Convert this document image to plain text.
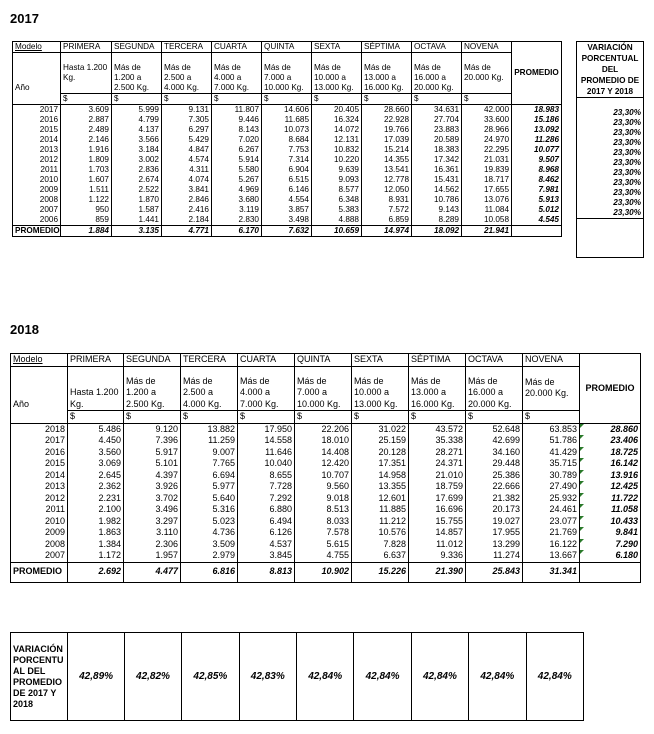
2017
Modelo	PRIMERA	SEGUNDA	TERCERA	CUARTA	QUINTA	SEXTA	SÉPTIMA	OCTAVA	NOVENA	PROMEDIO
Año	Hasta 1.200 Kg.	Más de 1.200 a 2.500 Kg.	Más de 2.500 a 4.000 Kg.	Más de 4.000 a 7.000 Kg.	Más de 7.000 a 10.000 Kg.	Más de 10.000 a 13.000 Kg.	Más de 13.000 a 16.000 Kg.	Más de 16.000 a 20.000 Kg.	Más de 20.000 Kg.	
	$	$	$	$	$	$	$	$	$	
2017	3.609	5.999	9.131	11.807	14.606	20.405	28.660	34.631	42.000	18.983
2016	2.887	4.799	7.305	9.446	11.685	16.324	22.928	27.704	33.600	15.186
2015	2.489	4.137	6.297	8.143	10.073	14.072	19.766	23.883	28.966	13.092
2014	2.146	3.566	5.429	7.020	8.684	12.131	17.039	20.589	24.970	11.286
2013	1.916	3.184	4.847	6.267	7.753	10.832	15.214	18.383	22.295	10.077
2012	1.809	3.002	4.574	5.914	7.314	10.220	14.355	17.342	21.031	9.507
2011	1.703	2.836	4.311	5.580	6.904	9.639	13.541	16.361	19.839	8.968
2010	1.607	2.674	4.074	5.267	6.515	9.093	12.778	15.431	18.717	8.462
2009	1.511	2.522	3.841	4.969	6.146	8.577	12.050	14.562	17.655	7.981
2008	1.122	1.870	2.846	3.680	4.554	6.348	8.931	10.786	13.076	5.913
2007	950	1.587	2.416	3.119	3.857	5.383	7.572	9.143	11.084	5.012
2006	859	1.441	2.184	2.830	3.498	4.888	6.859	8.289	10.058	4.545
PROMEDIO	1.884	3.135	4.771	6.170	7.632	10.659	14.974	18.092	21.941	
VARIACIÓN PORCENTUAL DEL PROMEDIO DE 2017 Y 2018

23,30%
23,30%
23,30%
23,30%
23,30%
23,30%
23,30%
23,30%
23,30%
23,30%
23,30%

2018
Modelo	PRIMERA	SEGUNDA	TERCERA	CUARTA	QUINTA	SEXTA	SÉPTIMA	OCTAVA	NOVENA	PROMEDIO
Año	Hasta 1.200 Kg.	Más de 1.200 a 2.500 Kg.	Más de 2.500 a 4.000 Kg.	Más de 4.000 a 7.000 Kg.	Más de 7.000 a 10.000 Kg.	Más de 10.000 a 13.000 Kg.	Más de 13.000 a 16.000 Kg.	Más de 16.000 a 20.000 Kg.	Más de 20.000 Kg.	
	$	$	$	$	$	$	$	$	$	
2018	5.486	9.120	13.882	17.950	22.206	31.022	43.572	52.648	63.853	28.860
2017	4.450	7.396	11.259	14.558	18.010	25.159	35.338	42.699	51.786	23.406
2016	3.560	5.917	9.007	11.646	14.408	20.128	28.271	34.160	41.429	18.725
2015	3.069	5.101	7.765	10.040	12.420	17.351	24.371	29.448	35.715	16.142
2014	2.645	4.397	6.694	8.655	10.707	14.958	21.010	25.386	30.789	13.916
2013	2.362	3.926	5.977	7.728	9.560	13.355	18.759	22.666	27.490	12.425
2012	2.231	3.702	5.640	7.292	9.018	12.601	17.699	21.382	25.932	11.722
2011	2.100	3.496	5.316	6.880	8.513	11.885	16.696	20.173	24.461	11.058
2010	1.982	3.297	5.023	6.494	8.033	11.212	15.755	19.027	23.077	10.433
2009	1.863	3.110	4.736	6.126	7.578	10.576	14.857	17.955	21.769	9.841
2008	1.384	2.306	3.509	4.537	5.615	7.828	11.012	13.299	16.122	7.290
2007	1.172	1.957	2.979	3.845	4.755	6.637	9.336	11.274	13.667	6.180
PROMEDIO	2.692	4.477	6.816	8.813	10.902	15.226	21.390	25.843	31.341	
VARIACIÓN PORCENTU AL DEL PROMEDIO DE 2017 Y 2018	42,89%	42,82%	42,85%	42,83%	42,84%	42,84%	42,84%	42,84%	42,84%
